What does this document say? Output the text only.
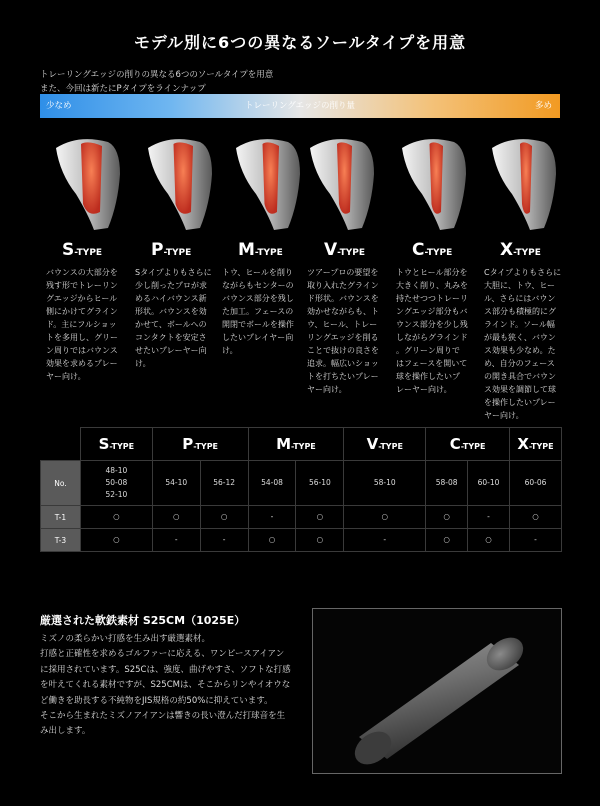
モデル別に6つの異なるソールタイプを用意
トレーリングエッジの削りの異なる6つのソールタイプを用意
また、今回は新たにPタイプをラインナップ
少なめ	トレーリングエッジの削り量	多め
S-TYPE
バウンスの大部分を
残す形でトレーリン
グエッジからヒール
側にかけてグライン
ド。主にフルショッ
トを多用し、グリー
ン周りではバウンス
効果を求めるプレー
ヤー向け。
P-TYPE
Sタイプよりもさらに
少し削ったプロが求
めるハイバウンス新
形状。バウンスを効
かせて、ボールへの
コンタクトを安定さ
せたいプレーヤー向
け。
M-TYPE
トウ、ヒールを削り
ながらもセンターの
バウンス部分を残し
た加工。フェースの
開閉でボールを操作
したいプレイヤー向
け。
V-TYPE
ツアープロの要望を
取り入れたグライン
ド形状。バウンスを
効かせながらも、ト
ウ、ヒール、トレー
リングエッジを削る
ことで抜けの良さを
追求。幅広いショッ
トを打ちたいプレー
ヤー向け。
C-TYPE
トウとヒール部分を
大きく削り、丸みを
持たせつつトレーリ
ングエッジ部分もバ
ウンス部分を少し残
しながらグラインド
。グリーン周りで
はフェースを開いて
球を操作したいプ
レーヤー向け。
X-TYPE
Cタイプよりもさらに
大胆に、トウ、ヒー
ル、さらにはバウン
ス部分も積極的にグ
ラインド。ソール幅
が最も狭く、バウン
ス効果も少なめ。た
め、自分のフェース
の開き具合でバウン
ス効果を調節して球
を操作したいプレー
ヤー向け。
	S-TYPE	P-TYPE		M-TYPE		V-TYPE	C-TYPE		X-TYPE
No.	48-10
50-08
52-10	54-10	56-12	54-08	56-10	58-10	58-08	60-10	60-06
T-1	○	○	○	-	○	○	○	-	○
T-3	○	-	-	○	○	-	○	○	-
厳選された軟鉄素材 S25CM（1025E）
ミズノの柔らかい打感を生み出す厳選素材。
打感と正確性を求めるゴルファーに応える、ワンピースアイアン
に採用されています。S25Cは、強度、曲げやすさ、ソフトな打感
を叶えてくれる素材ですが、S25CMは、そこからリンやイオウな
ど働きを助長する不純物をJIS規格の約50%に抑えています。
そこから生まれたミズノアイアンは響きの長い澄んだ打球音を生
み出します。
